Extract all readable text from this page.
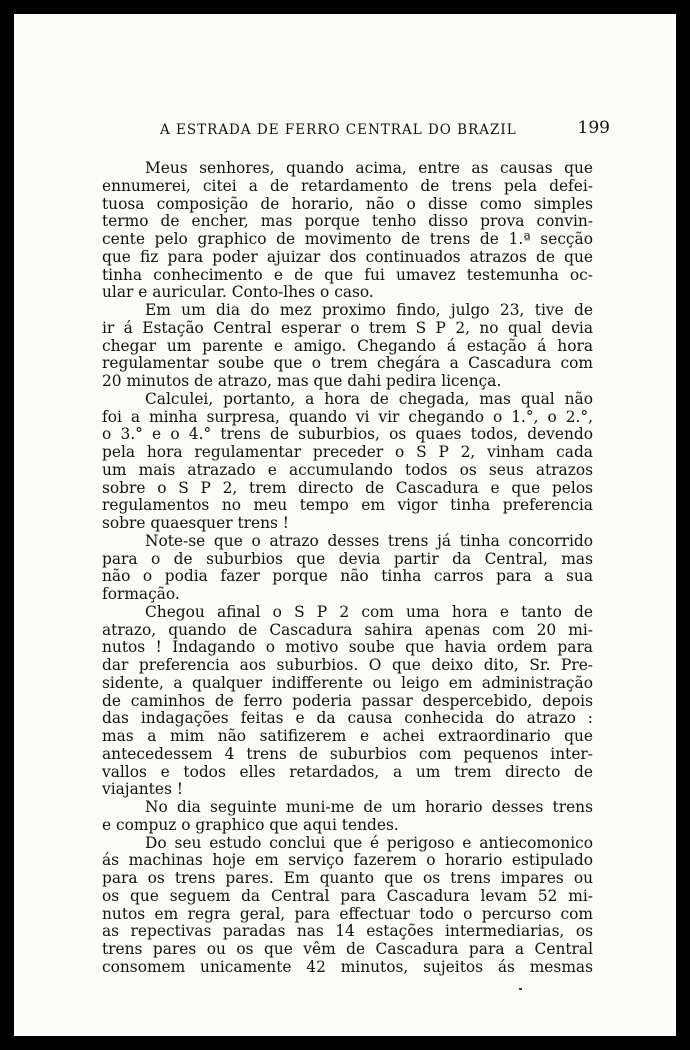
A ESTRADA DE FERRO CENTRAL DO BRAZIL	199
Meus senhores, quando acima, entre as causas que
ennumerei, citei a de retardamento de trens pela defei-
tuosa composição de horario, não o disse como simples
termo de encher, mas porque tenho disso prova convin-
cente pelo graphico de movimento de trens de 1.ª secção
que fiz para poder ajuizar dos continuados atrazos de que
tinha conhecimento e de que fui umavez testemunha oc-
ular e auricular. Conto-lhes o caso.
Em um dia do mez proximo findo, julgo 23, tive de
ir á Estação Central esperar o trem S P 2, no qual devia
chegar um parente e amigo. Chegando á estação á hora
regulamentar soube que o trem chegára a Cascadura com
20 minutos de atrazo, mas que dahi pedira licença.
Calculei, portanto, a hora de chegada, mas qual não
foi a minha surpresa, quando vi vir chegando o 1.°, o 2.°,
o 3.° e o 4.° trens de suburbios, os quaes todos, devendo
pela hora regulamentar preceder o S P 2, vinham cada
um mais atrazado e accumulando todos os seus atrazos
sobre o S P 2, trem directo de Cascadura e que pelos
regulamentos no meu tempo em vigor tinha preferencia
sobre quaesquer trens !
Note-se que o atrazo desses trens já tinha concorrido
para o de suburbios que devia partir da Central, mas
não o podia fazer porque não tinha carros para a sua
formação.
Chegou afinal o S P 2 com uma hora e tanto de
atrazo, quando de Cascadura sahira apenas com 20 mi-
nutos ! Indagando o motivo soube que havia ordem para
dar preferencia aos suburbios. O que deixo dito, Sr. Pre-
sidente, a qualquer indifferente ou leigo em administração
de caminhos de ferro poderia passar despercebido, depois
das indagações feitas e da causa conhecida do atrazo :
mas a mim não satifizerem e achei extraordinario que
antecedessem 4 trens de suburbios com pequenos inter-
vallos e todos elles retardados, a um trem directo de
viajantes !
No dia seguinte muni-me de um horario desses trens
e compuz o graphico que aqui tendes.
Do seu estudo conclui que é perigoso e antiecomonico
ás machinas hoje em serviço fazerem o horario estipulado
para os trens pares. Em quanto que os trens impares ou
os que seguem da Central para Cascadura levam 52 mi-
nutos em regra geral, para effectuar todo o percurso com
as repectivas paradas nas 14 estações intermediarias, os
trens pares ou os que vêm de Cascadura para a Central
consomem unicamente 42 minutos, sujeitos ás mesmas
